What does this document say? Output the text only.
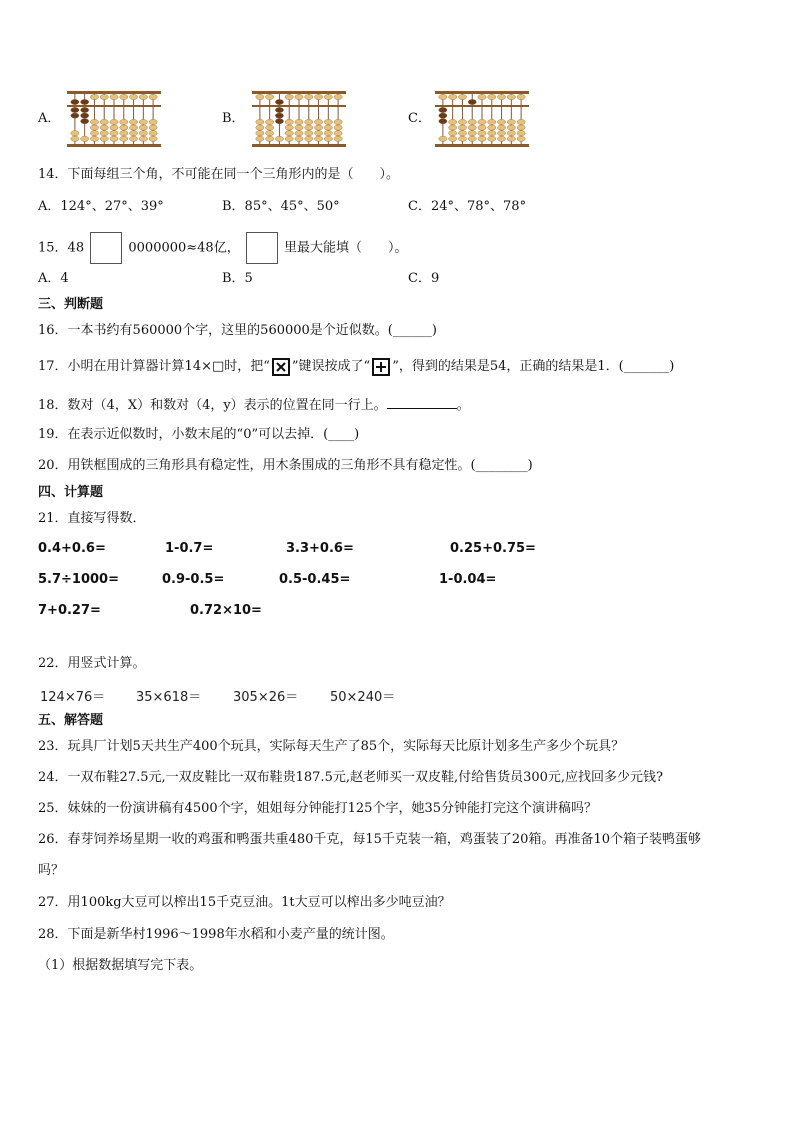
A．	B．	C．
14．下面每组三个角，不可能在同一个三角形内的是（　　）。
A．124°、27°、39°	B．85°、45°、50°	C．24°、78°、78°
15．48	0000000≈48亿，	里最大能填（　　）。
A．4	B．5	C．9
三、判断题
16．一本书约有560000个字，这里的560000是个近似数。(______)
17．小明在用计算器计算14×□时，把“ ”键误按成了“ ”，得到的结果是54，正确的结果是1．(_______)
18．数对（4，X）和数对（4，y）表示的位置在同一行上。	。
19．在表示近似数时，小数末尾的“0”可以去掉．(____)
20．用铁框围成的三角形具有稳定性，用木条围成的三角形不具有稳定性。(________)
四、计算题
21．直接写得数．
0.4+0.6=	1-0.7=	3.3+0.6=	0.25+0.75=
5.7÷1000=	0.9-0.5=	0.5-0.45=	1-0.04=
7+0.27=	0.72×10=
22．用竖式计算。
124×76＝ 35×618＝ 305×26＝ 50×240＝
五、解答题
23．玩具厂计划5天共生产400个玩具，实际每天生产了85个，实际每天比原计划多生产多少个玩具？
24．一双布鞋27.5元,一双皮鞋比一双布鞋贵187.5元,赵老师买一双皮鞋,付给售货员300元,应找回多少元钱?
25．妹妹的一份演讲稿有4500个字，姐姐每分钟能打125个字，她35分钟能打完这个演讲稿吗？
26．春芽饲养场星期一收的鸡蛋和鸭蛋共重480千克，每15千克装一箱，鸡蛋装了20箱。再准备10个箱子装鸭蛋够
吗？
27．用100kg大豆可以榨出15千克豆油。1t大豆可以榨出多少吨豆油？
28．下面是新华村1996～1998年水稻和小麦产量的统计图。
（1）根据数据填写完下表。
